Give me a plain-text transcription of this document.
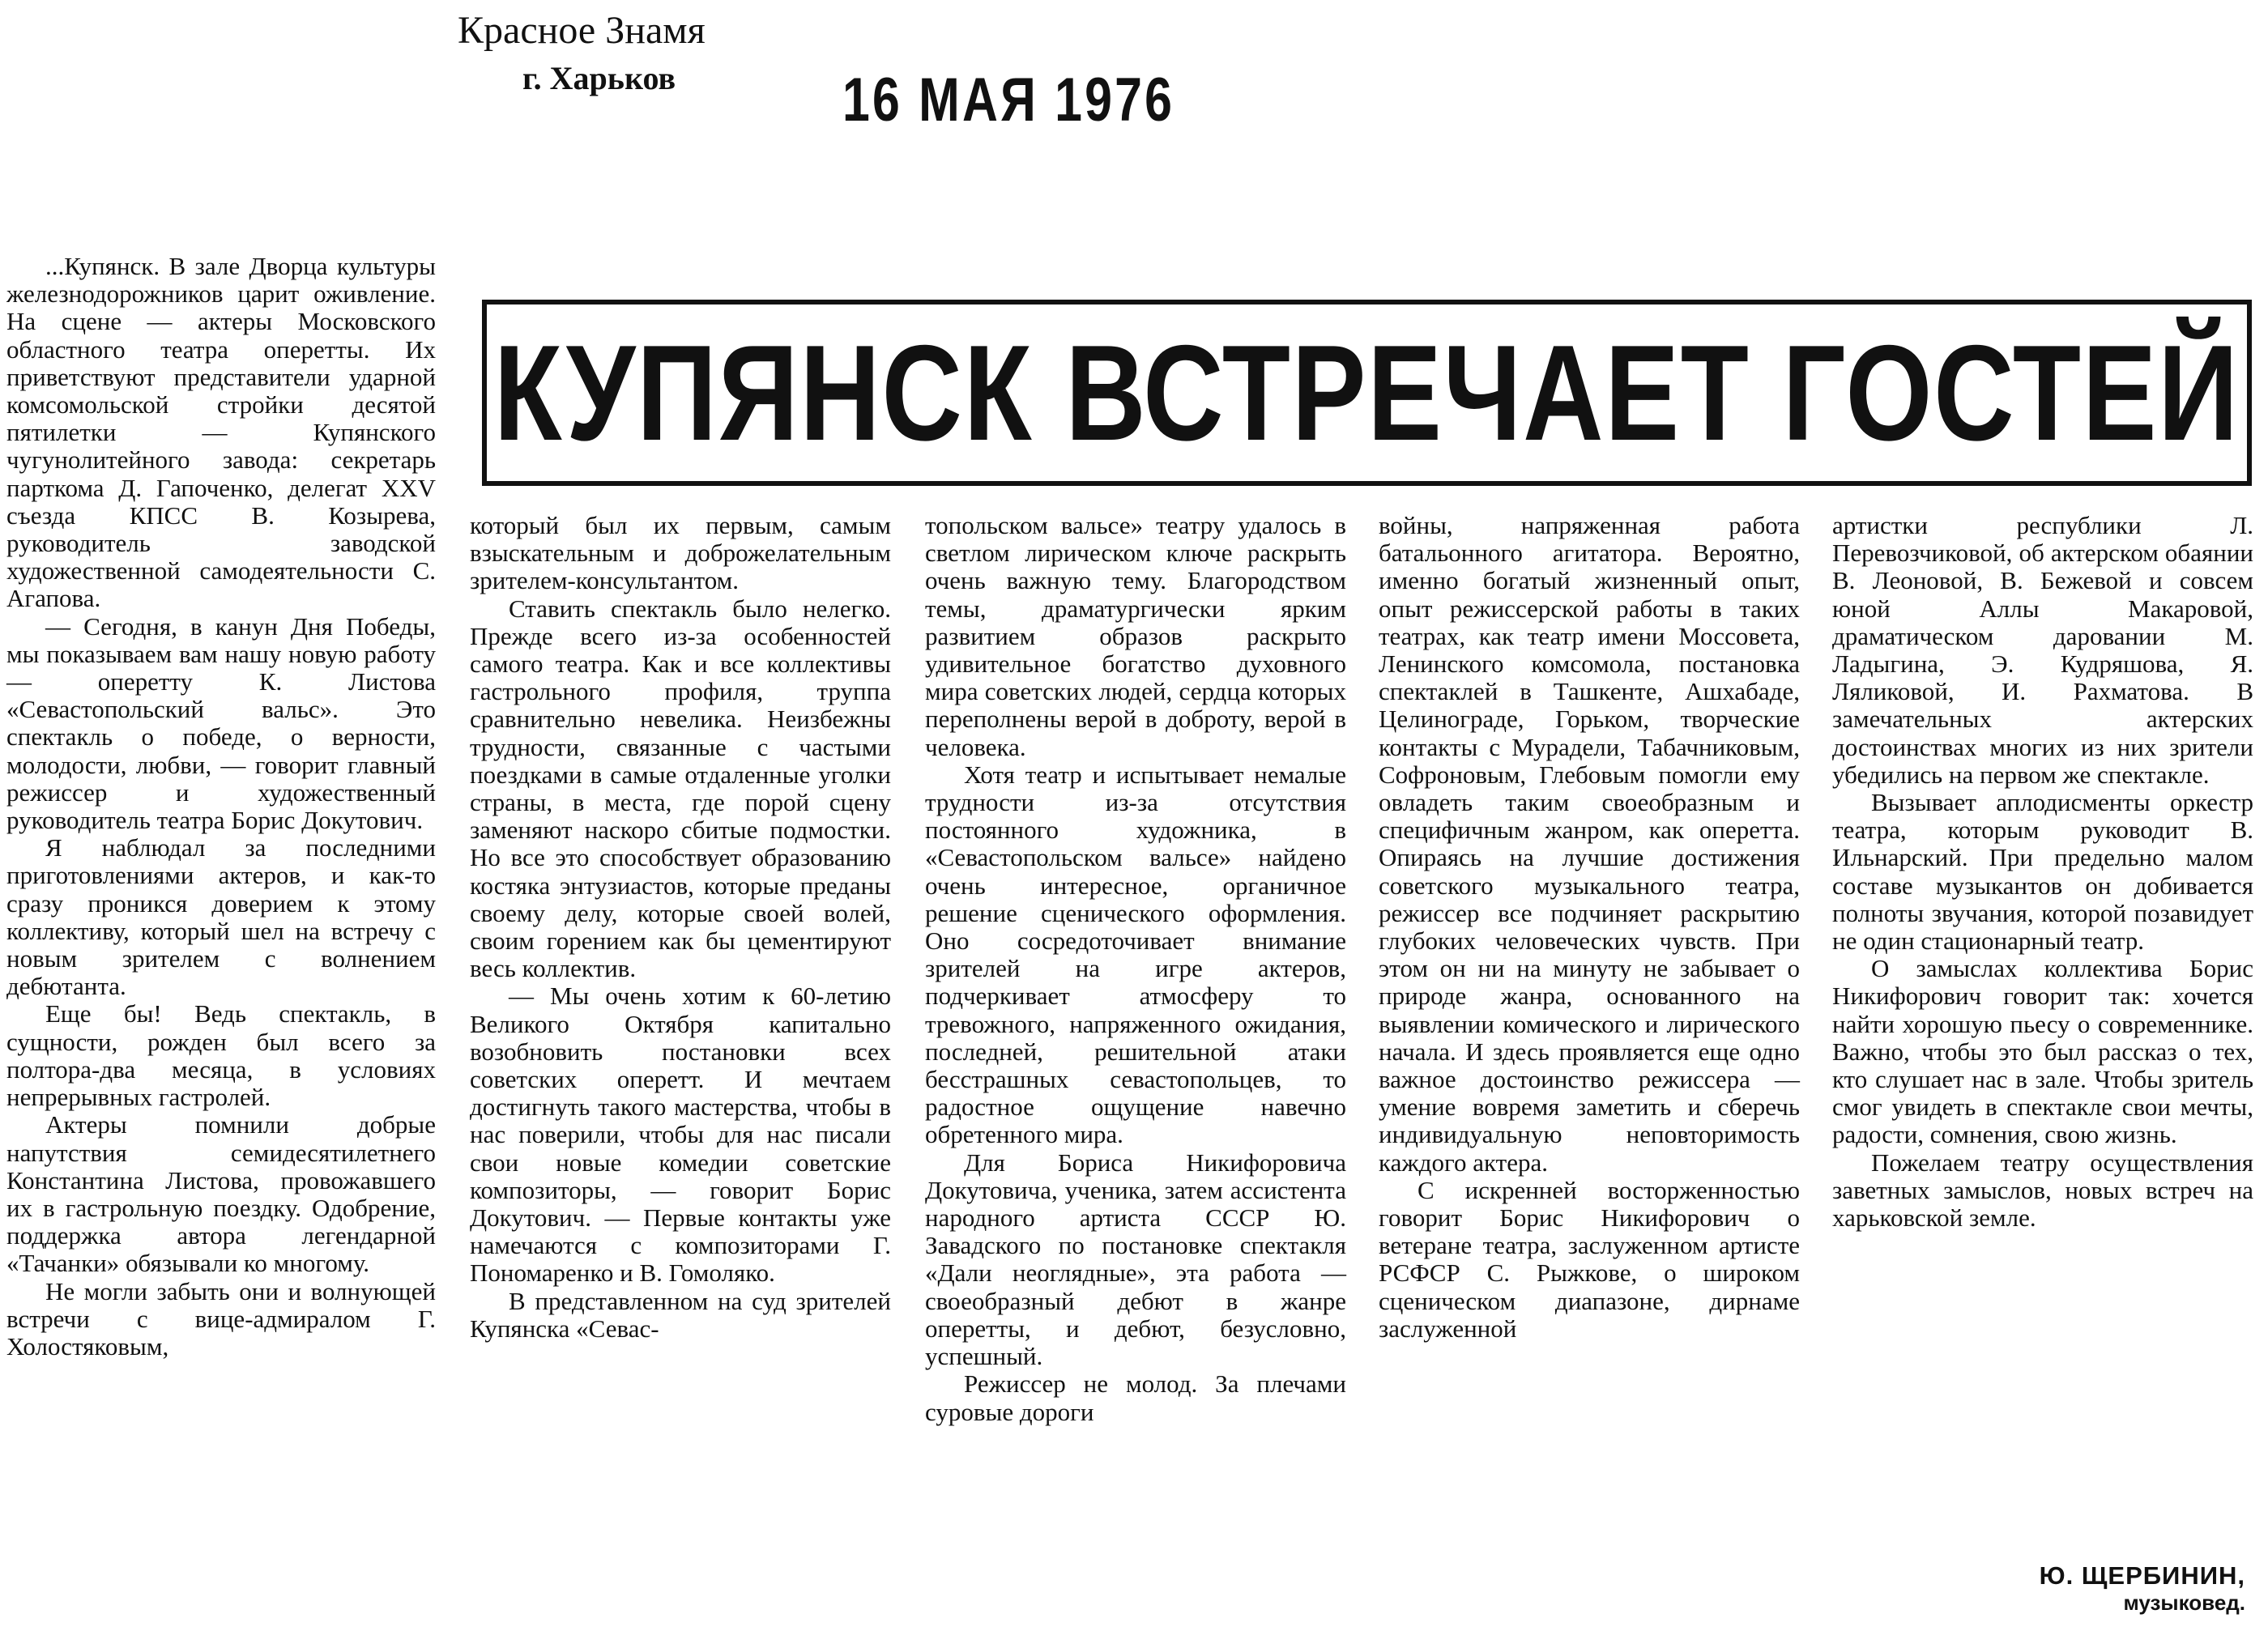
Красное Знамя
г. Харьков	16 МАЯ 1976
КУПЯНСК ВСТРЕЧАЕТ ГОСТЕЙ

...Купянск. В зале Дворца культуры железнодорожников царит оживление. На сцене — актеры Московского областного театра оперетты. Их приветствуют представители ударной комсомольской стройки десятой пятилетки — Купянского чугунолитейного завода: секретарь парткома Д. Гапоченко, делегат XXV съезда КПСС В. Козырева, руководитель заводской художественной самодеятельности С. Агапова.

— Сегодня, в канун Дня Победы, мы показываем вам нашу новую работу — оперетту К. Листова «Севастопольский вальс». Это спектакль о победе, о верности, молодости, любви, — говорит главный режиссер и художественный руководитель театра Борис Докутович.

Я наблюдал за последними приготовлениями актеров, и как-то сразу проникся доверием к этому коллективу, который шел на встречу с новым зрителем с волнением дебютанта.

Еще бы! Ведь спектакль, в сущности, рожден был всего за полтора-два месяца, в условиях непрерывных гастролей.

Актеры помнили добрые напутствия семидесятилетнего Константина Листова, провожавшего их в гастрольную поездку. Одобрение, поддержка автора легендарной «Тачанки» обязывали ко многому.

Не могли забыть они и волнующей встречи с вице-адмиралом Г. Холостяковым,

который был их первым, самым взыскательным и доброжелательным зрителем-консультантом.

Ставить спектакль было нелегко. Прежде всего из-за особенностей самого театра. Как и все коллективы гастрольного профиля, труппа сравнительно невелика. Неизбежны трудности, связанные с частыми поездками в самые отдаленные уголки страны, в места, где порой сцену заменяют наскоро сбитые подмостки. Но все это способствует образованию костяка энтузиастов, которые преданы своему делу, которые своей волей, своим горением как бы цементируют весь коллектив.

— Мы очень хотим к 60-летию Великого Октября капитально возобновить постановки всех советских оперетт. И мечтаем достигнуть такого мастерства, чтобы в нас поверили, чтобы для нас писали свои новые комедии советские композиторы, — говорит Борис Докутович. — Первые контакты уже намечаются с композиторами Г. Пономаренко и В. Гомоляко.

В представленном на суд зрителей Купянска «Севас-

топольском вальсе» театру удалось в светлом лирическом ключе раскрыть очень важную тему. Благородством темы, драматургически ярким развитием образов раскрыто удивительное богатство духовного мира советских людей, сердца которых переполнены верой в доброту, верой в человека.

Хотя театр и испытывает немалые трудности из-за отсутствия постоянного художника, в «Севастопольском вальсе» найдено очень интересное, органичное решение сценического оформления. Оно сосредоточивает внимание зрителей на игре актеров, подчеркивает атмосферу то тревожного, напряженного ожидания, последней, решительной атаки бесстрашных севастопольцев, то радостное ощущение навечно обретенного мира.

Для Бориса Никифоровича Докутовича, ученика, затем ассистента народного артиста СССР Ю. Завадского по постановке спектакля «Дали неоглядные», эта работа — своеобразный дебют в жанре оперетты, и дебют, безусловно, успешный.

Режиссер не молод. За плечами суровые дороги

войны, напряженная работа батальонного агитатора. Вероятно, именно богатый жизненный опыт, опыт режиссерской работы в таких театрах, как театр имени Моссовета, Ленинского комсомола, постановка спектаклей в Ташкенте, Ашхабаде, Целинограде, Горьком, творческие контакты с Мурадели, Табачниковым, Софроновым, Глебовым помогли ему овладеть таким своеобразным и специфичным жанром, как оперетта. Опираясь на лучшие достижения советского музыкального театра, режиссер все подчиняет раскрытию глубоких человеческих чувств. При этом он ни на минуту не забывает о природе жанра, основанного на выявлении комического и лирического начала. И здесь проявляется еще одно важное достоинство режиссера — умение вовремя заметить и сберечь индивидуальную неповторимость каждого актера.

С искренней восторженностью говорит Борис Никифорович о ветеране театра, заслуженном артисте РСФСР С. Рыжкове, о широком сценическом диапазоне, дирнаме заслуженной

артистки республики Л. Перевозчиковой, об актерском обаянии В. Леоновой, В. Бежевой и совсем юной Аллы Макаровой, драматическом даровании М. Ладыгина, Э. Кудряшова, Я. Ляликовой, И. Рахматова. В замечательных актерских достоинствах многих из них зрители убедились на первом же спектакле.

Вызывает аплодисменты оркестр театра, которым руководит В. Ильнарский. При предельно малом составе музыкантов он добивается полноты звучания, которой позавидует не один стационарный театр.

О замыслах коллектива Борис Никифорович говорит так: хочется найти хорошую пьесу о современнике. Важно, чтобы это был рассказ о тех, кто слушает нас в зале. Чтобы зритель смог увидеть в спектакле свои мечты, радости, сомнения, свою жизнь.

Пожелаем театру осуществления заветных замыслов, новых встреч на харьковской земле.

Ю. ЩЕРБИНИН,
музыковед.
